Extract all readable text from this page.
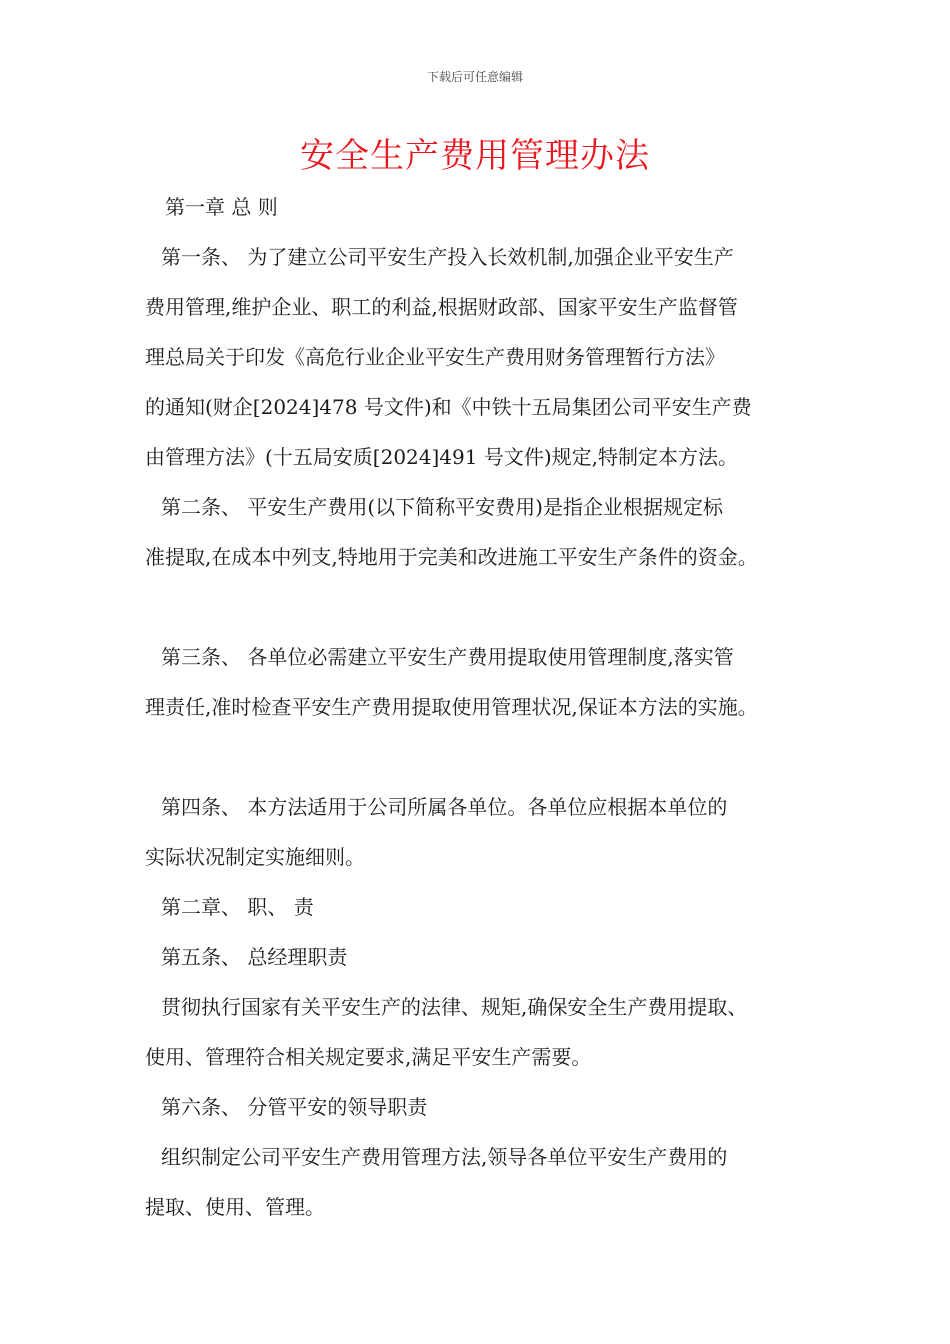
下载后可任意编辑
安全生产费用管理办法
第一章 总 则
第一条、 为了建立公司平安生产投入长效机制,加强企业平安生产
费用管理,维护企业、职工的利益,根据财政部、国家平安生产监督管
理总局关于印发《高危行业企业平安生产费用财务管理暂行方法》
的通知(财企[2024]478 号文件)和《中铁十五局集团公司平安生产费
由管理方法》(十五局安质[2024]491 号文件)规定,特制定本方法。
第二条、 平安生产费用(以下简称平安费用)是指企业根据规定标
准提取,在成本中列支,特地用于完美和改进施工平安生产条件的资金。
第三条、 各单位必需建立平安生产费用提取使用管理制度,落实管
理责任,准时检查平安生产费用提取使用管理状况,保证本方法的实施。
第四条、 本方法适用于公司所属各单位。各单位应根据本单位的
实际状况制定实施细则。
第二章、 职、 责
第五条、 总经理职责
贯彻执行国家有关平安生产的法律、规矩,确保安全生产费用提取、
使用、管理符合相关规定要求,满足平安生产需要。
第六条、 分管平安的领导职责
组织制定公司平安生产费用管理方法,领导各单位平安生产费用的
提取、使用、管理。
